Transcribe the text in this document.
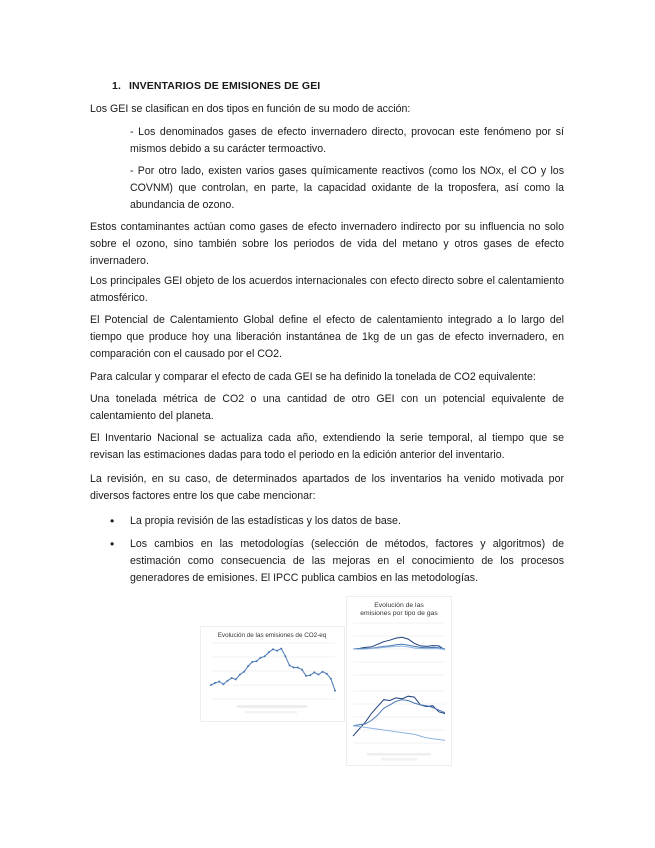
1. INVENTARIOS DE EMISIONES DE GEI
Los GEI se clasifican en dos tipos en función de su modo de acción:
- Los denominados gases de efecto invernadero directo, provocan este fenómeno por sí mismos debido a su carácter termoactivo.
- Por otro lado, existen varios gases químicamente reactivos (como los NOx, el CO y los COVNM) que controlan, en parte, la capacidad oxidante de la troposfera, así como la abundancia de ozono.
Estos contaminantes actúan como gases de efecto invernadero indirecto por su influencia no solo sobre el ozono, sino también sobre los periodos de vida del metano y otros gases de efecto invernadero.
Los principales GEI objeto de los acuerdos internacionales con efecto directo sobre el calentamiento atmosférico.
El Potencial de Calentamiento Global define el efecto de calentamiento integrado a lo largo del tiempo que produce hoy una liberación instantánea de 1kg de un gas de efecto invernadero, en comparación con el causado por el CO2.
Para calcular y comparar el efecto de cada GEI se ha definido la tonelada de CO2 equivalente:
Una tonelada métrica de CO2 o una cantidad de otro GEI con un potencial equivalente de calentamiento del planeta.
El Inventario Nacional se actualiza cada año, extendiendo la serie temporal, al tiempo que se revisan las estimaciones dadas para todo el periodo en la edición anterior del inventario.
La revisión, en su caso, de determinados apartados de los inventarios ha venido motivada por diversos factores entre los que cabe mencionar:
•	La propia revisión de las estadísticas y los datos de base.
•	Los cambios en las metodologías (selección de métodos, factores y algoritmos) de estimación como consecuencia de las mejoras en el conocimiento de los procesos generadores de emisiones. El IPCC publica cambios en las metodologías.
Evolución de las emisiones de CO2-eq
Evolución de las
emisiones por tipo de gas
